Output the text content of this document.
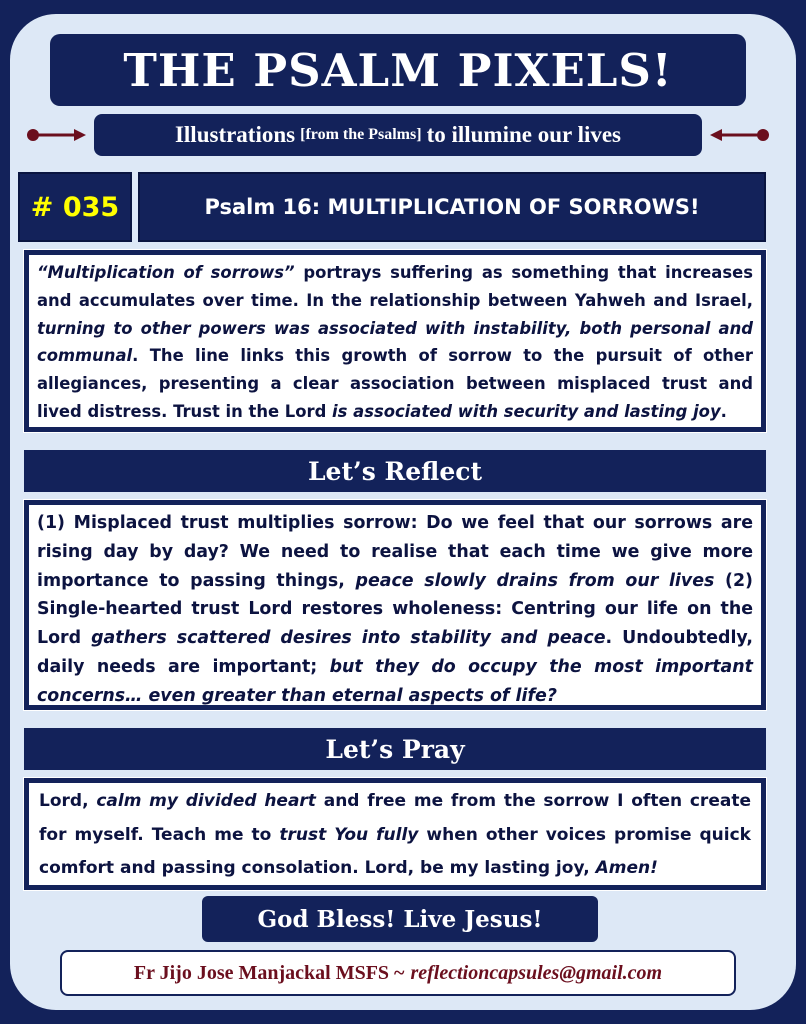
THE PSALM PIXELS!
Illustrations [from the Psalms] to illumine our lives
# 035	Psalm 16: MULTIPLICATION OF SORROWS!
“Multiplication of sorrows” portrays suffering as something that increases and accumulates over time. In the relationship between Yahweh and Israel, turning to other powers was associated with instability, both personal and communal. The line links this growth of sorrow to the pursuit of other allegiances, presenting a clear association between misplaced trust and lived distress. Trust in the Lord is associated with security and lasting joy.
Let’s Reflect
(1) Misplaced trust multiplies sorrow: Do we feel that our sorrows are rising day by day? We need to realise that each time we give more importance to passing things, peace slowly drains from our lives (2) Single-hearted trust Lord restores wholeness: Centring our life on the Lord gathers scattered desires into stability and peace. Undoubtedly, daily needs are important; but they do occupy the most important concerns… even greater than eternal aspects of life?
Let’s Pray
Lord, calm my divided heart and free me from the sorrow I often create for myself. Teach me to trust You fully when other voices promise quick comfort and passing consolation. Lord, be my lasting joy, Amen!
God Bless! Live Jesus!
Fr Jijo Jose Manjackal MSFS ~ reflectioncapsules@gmail.com
